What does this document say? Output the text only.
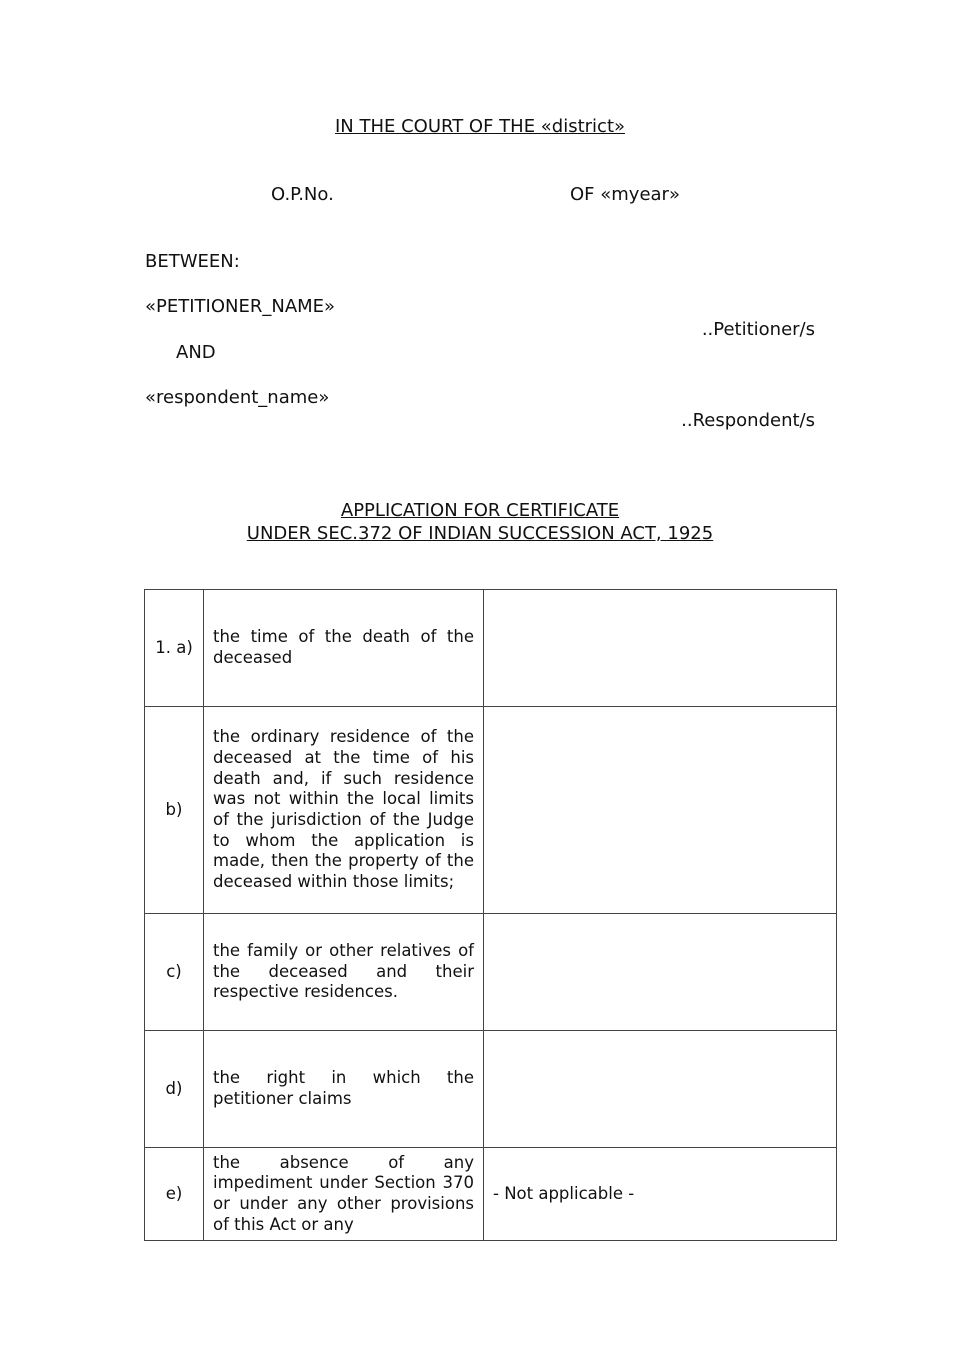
IN THE COURT OF THE «district»
O.P.No.	OF «myear»
BETWEEN:
«PETITIONER_NAME»
..Petitioner/s
AND
«respondent_name»
..Respondent/s
APPLICATION FOR CERTIFICATE
UNDER SEC.372 OF INDIAN SUCCESSION ACT, 1925
1. a)	the time of the death of the deceased	
b)	the ordinary residence of the deceased at the time of his death and, if such residence was not within the local limits of the jurisdiction of the Judge to whom the application is made, then the property of the deceased within those limits;	
c)	the family or other relatives of the deceased and their respective residences.	
d)	the right in which the petitioner claims	
e)	the absence of any impediment under Section 370 or under any other provisions of this Act or any	- Not applicable -
